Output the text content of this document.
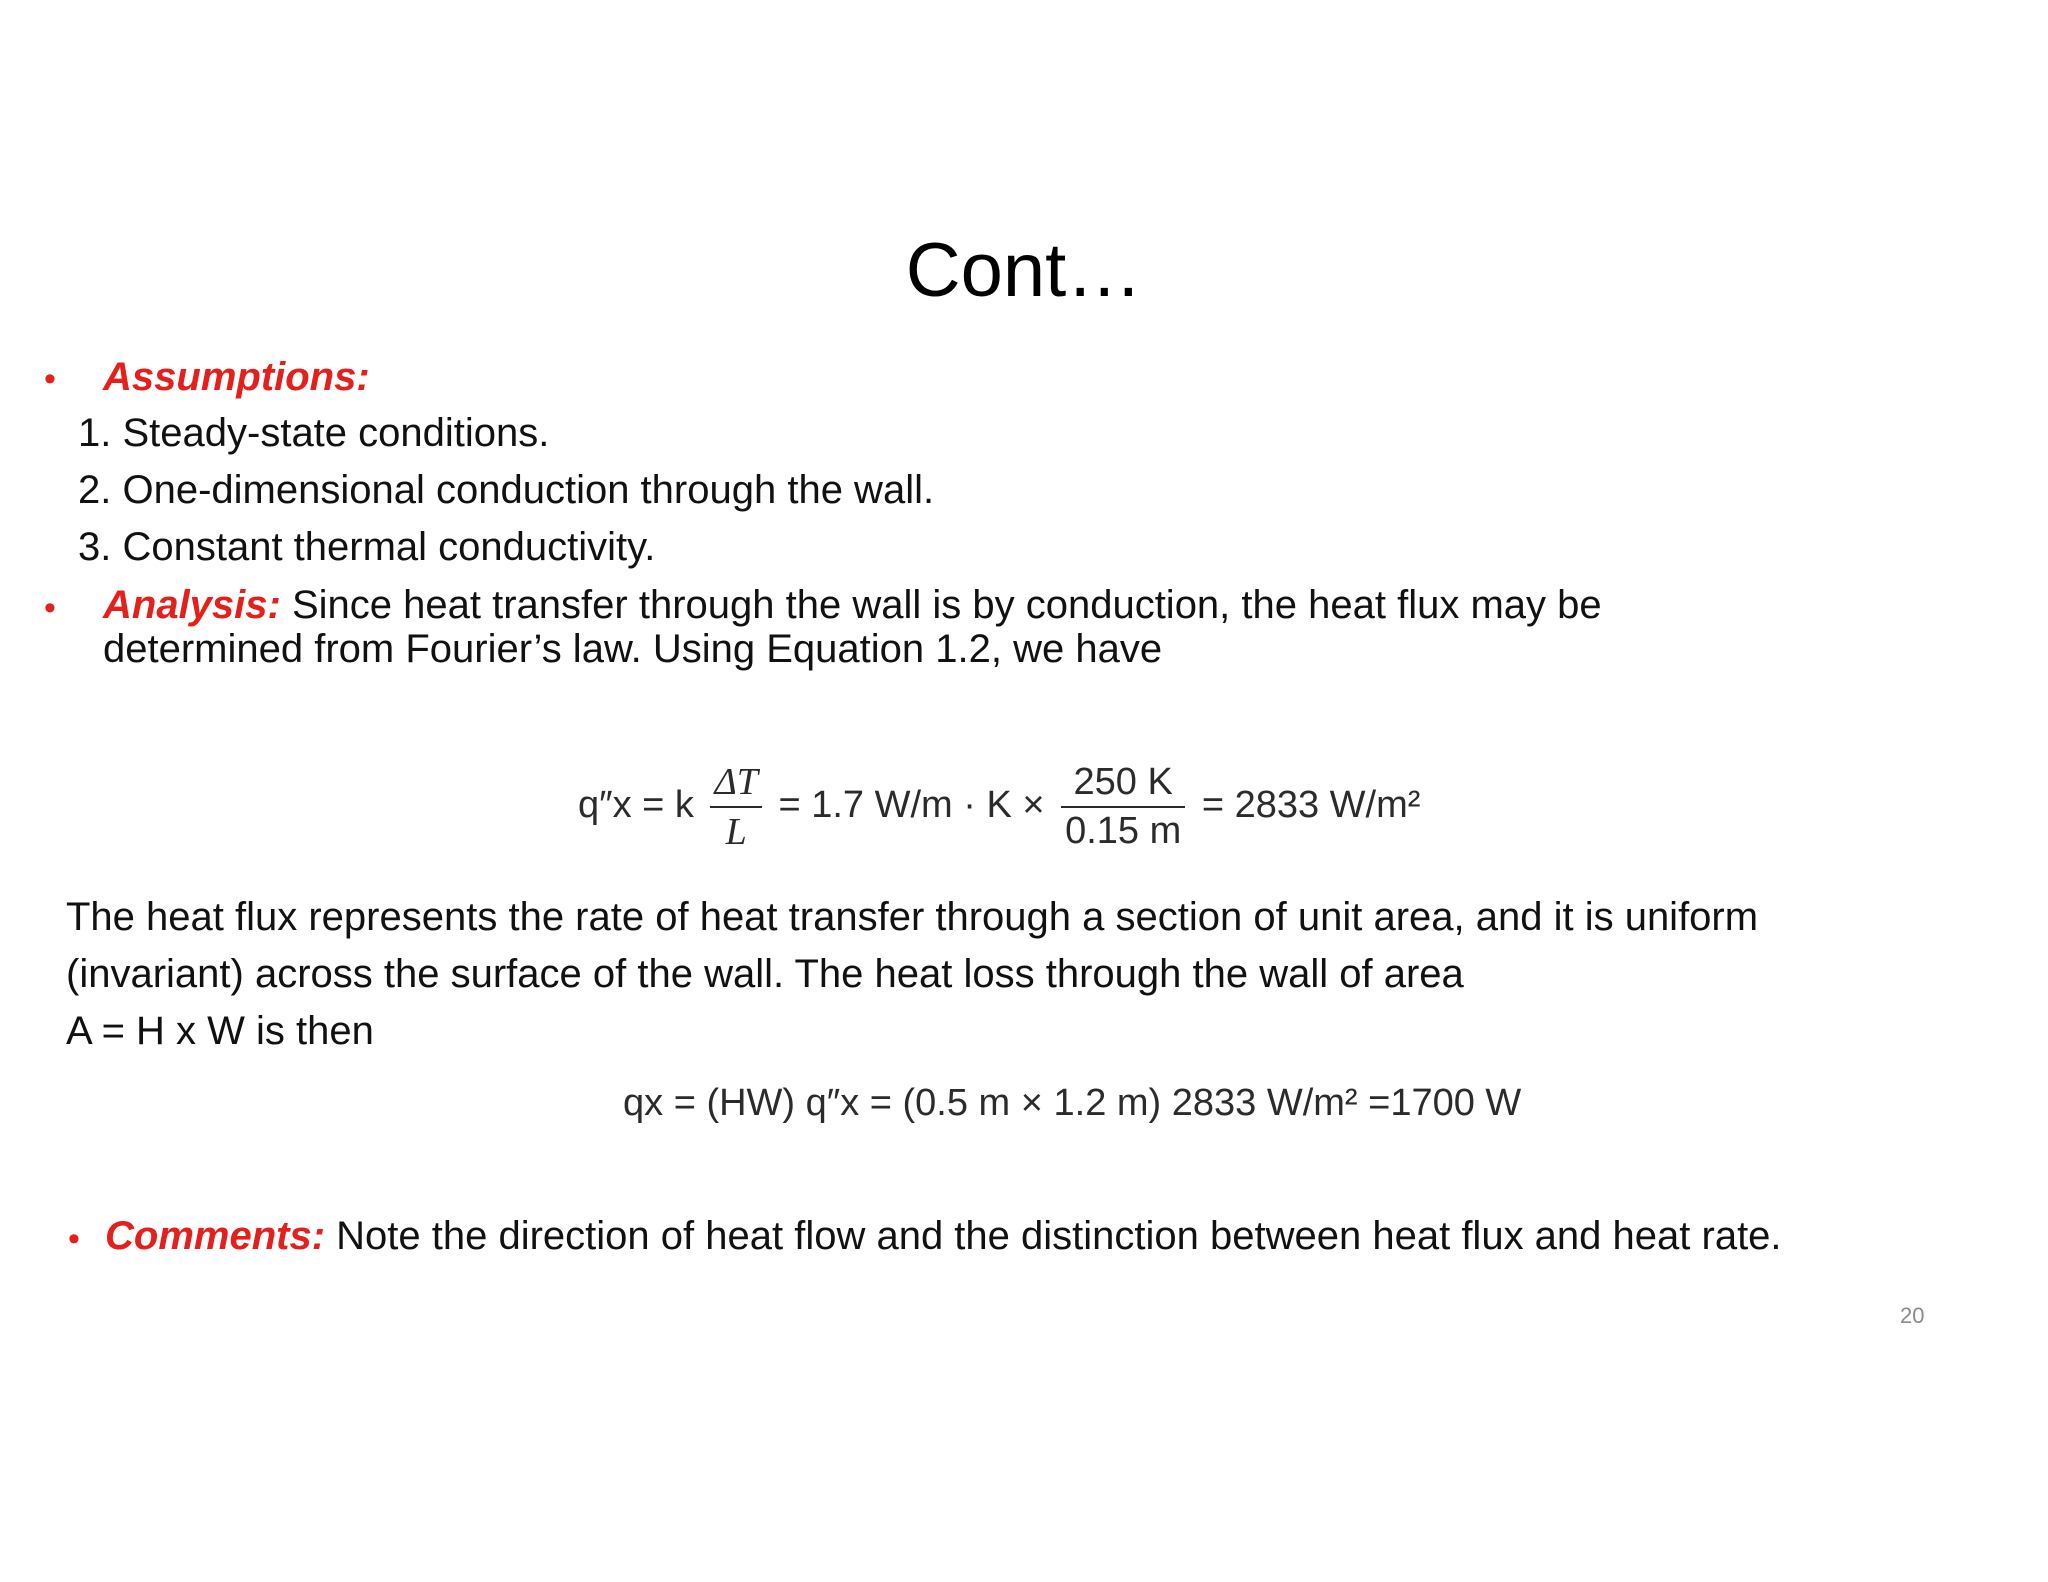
Cont…
• Assumptions:
1. Steady-state conditions.
2. One-dimensional conduction through the wall.
3. Constant thermal conductivity.
• Analysis: Since heat transfer through the wall is by conduction, the heat flux may be
determined from Fourier’s law. Using Equation 1.2, we have
q″x = k $\frac{\Delta T}{L} = 1.7$ $W/m \cdot K \times \frac{250 K}{0.15 m} = 2833$ W/m²
The heat flux represents the rate of heat transfer through a section of unit area, and it is uniform
(invariant) across the surface of the wall. The heat loss through the wall of area
A = H x W is then
qx = (HW) q″x = (0.5 m × 1.2 m) 2833 W/m² =1700 W
• Comments: Note the direction of heat flow and the distinction between heat flux and heat rate.
20
